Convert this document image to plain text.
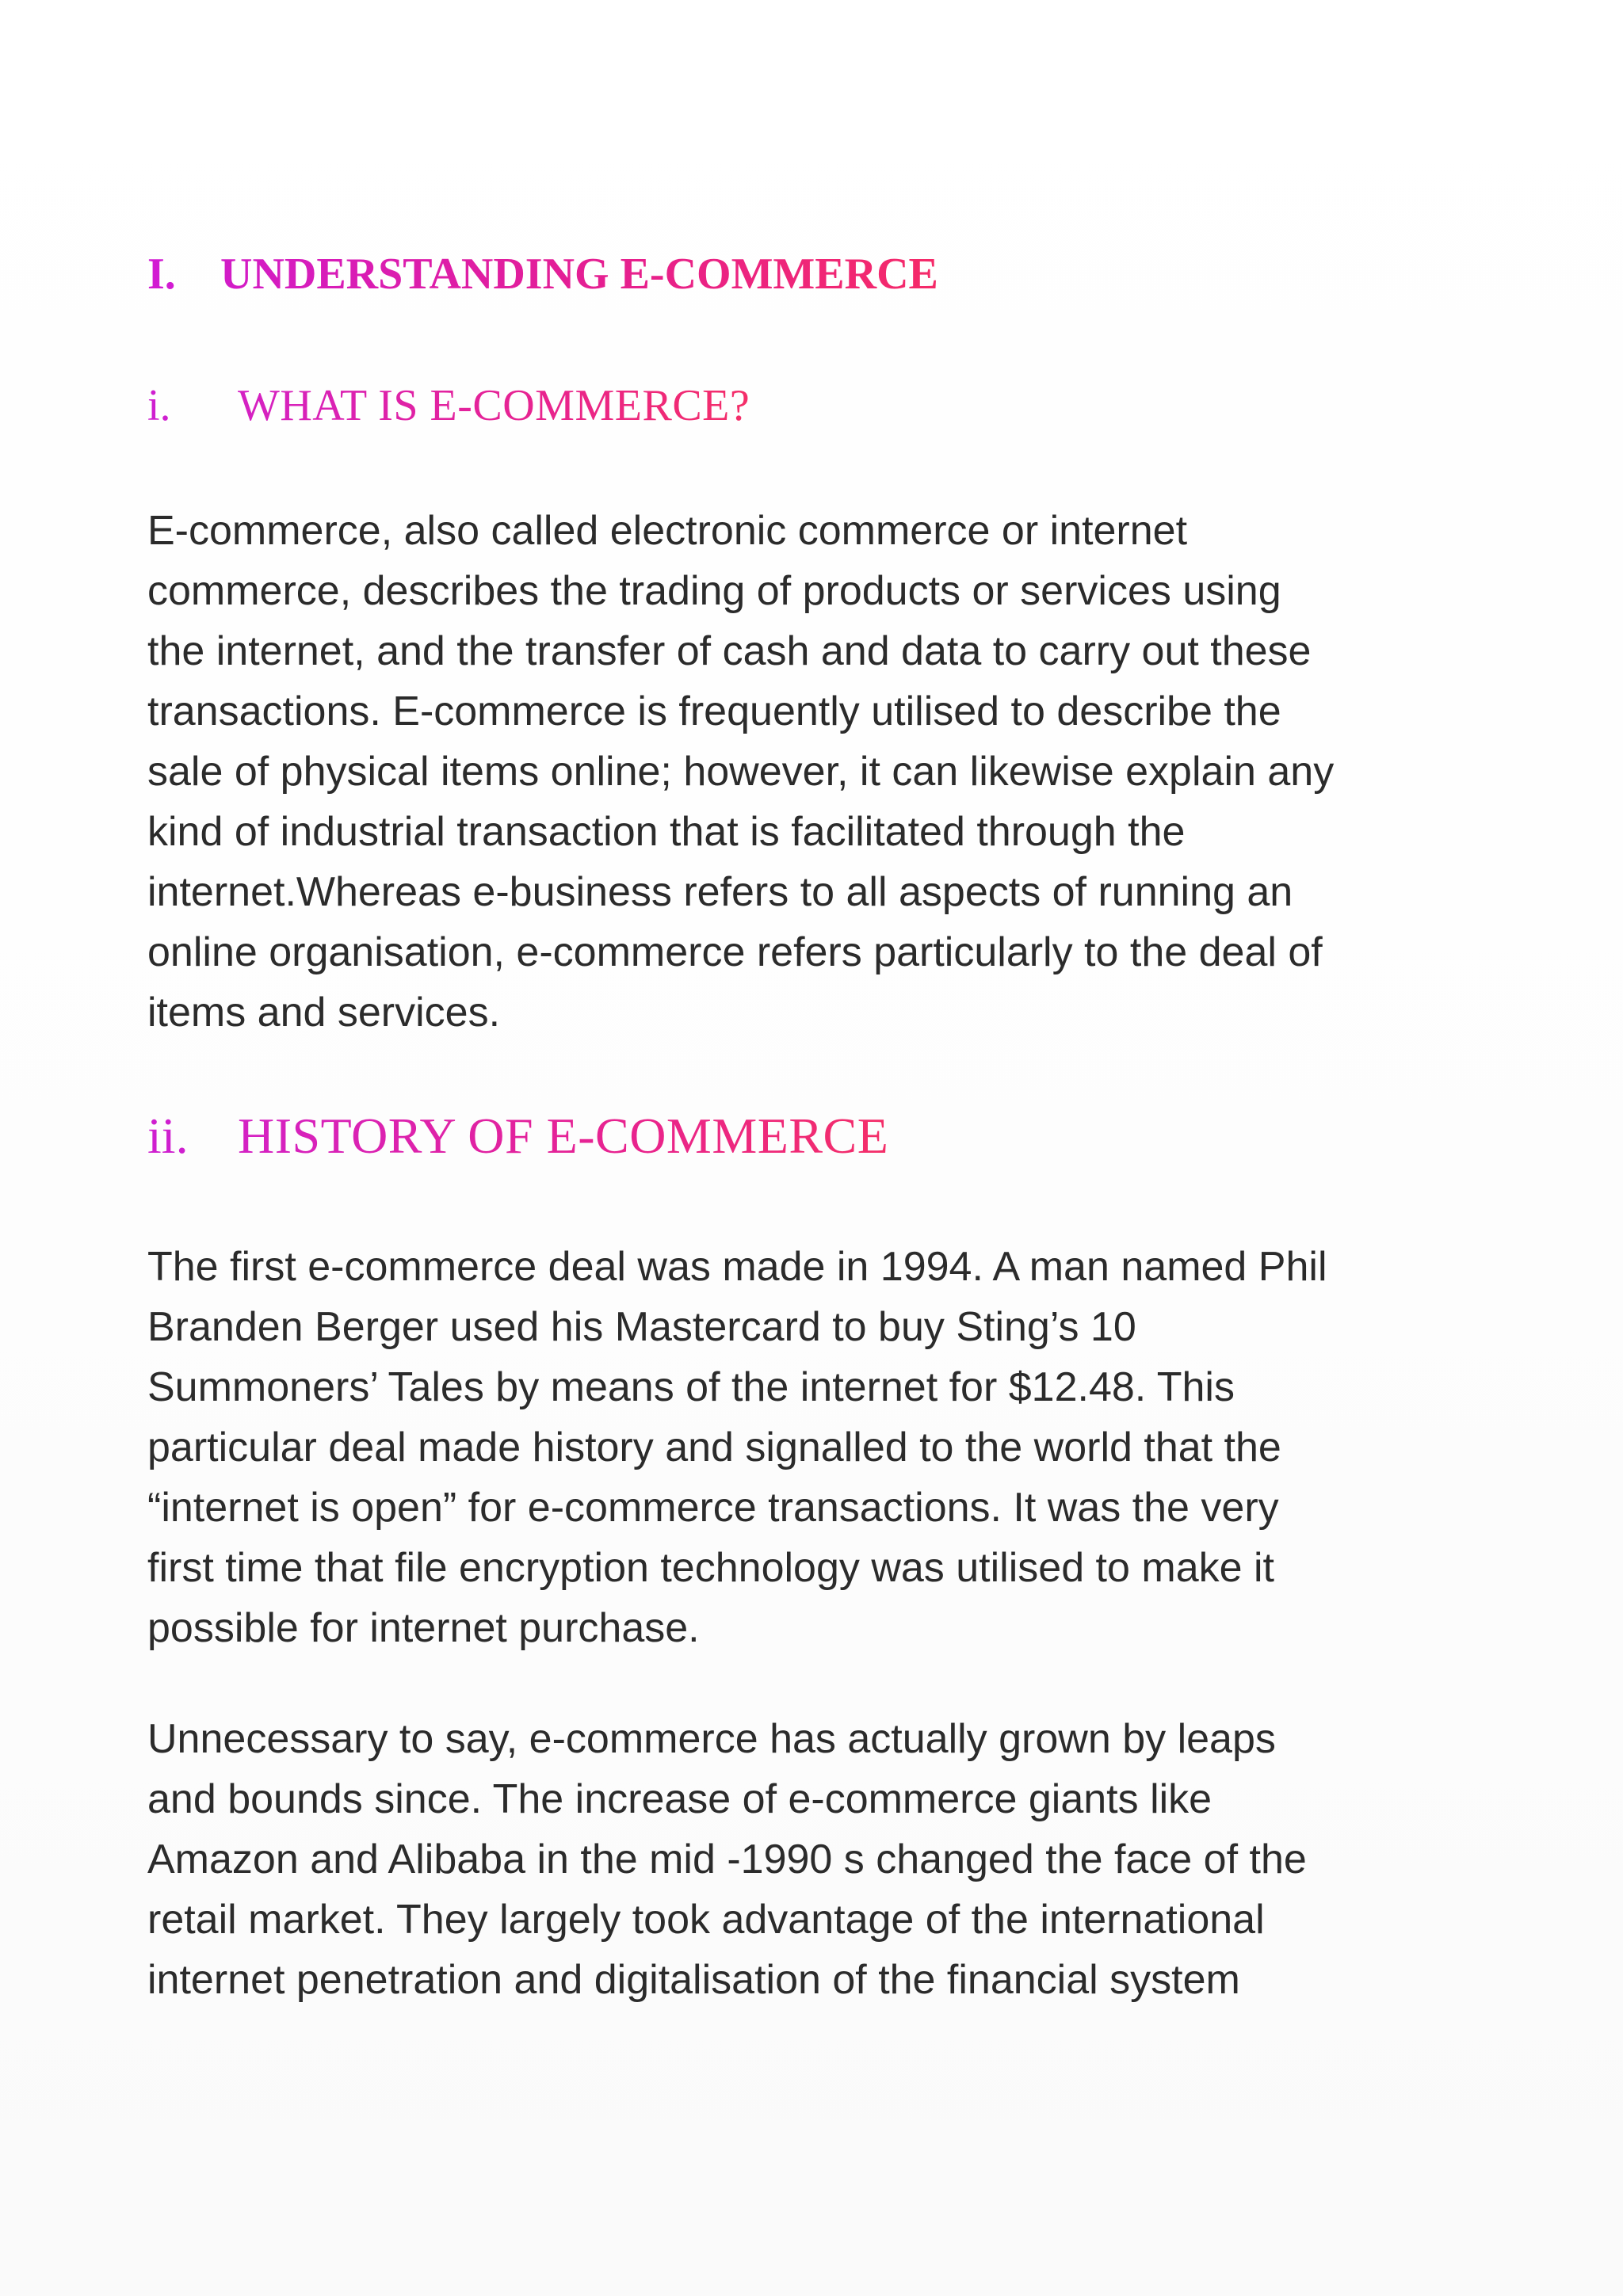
I.	UNDERSTANDING E-COMMERCE
i.	WHAT IS E-COMMERCE?

E-commerce, also called electronic commerce or internet
commerce, describes the trading of products or services using
the internet, and the transfer of cash and data to carry out these
transactions. E-commerce is frequently utilised to describe the
sale of physical items online; however, it can likewise explain any
kind of industrial transaction that is facilitated through the
internet.Whereas e-business refers to all aspects of running an
online organisation, e-commerce refers particularly to the deal of
items and services.

ii. HISTORY OF E-COMMERCE

The first e-commerce deal was made in 1994. A man named Phil
Branden Berger used his Mastercard to buy Sting’s 10
Summoners’ Tales by means of the internet for $12.48. This
particular deal made history and signalled to the world that the
“internet is open” for e-commerce transactions. It was the very
first time that file encryption technology was utilised to make it
possible for internet purchase.

Unnecessary to say, e-commerce has actually grown by leaps
and bounds since. The increase of e-commerce giants like
Amazon and Alibaba in the mid -1990 s changed the face of the
retail market. They largely took advantage of the international
internet penetration and digitalisation of the financial system
